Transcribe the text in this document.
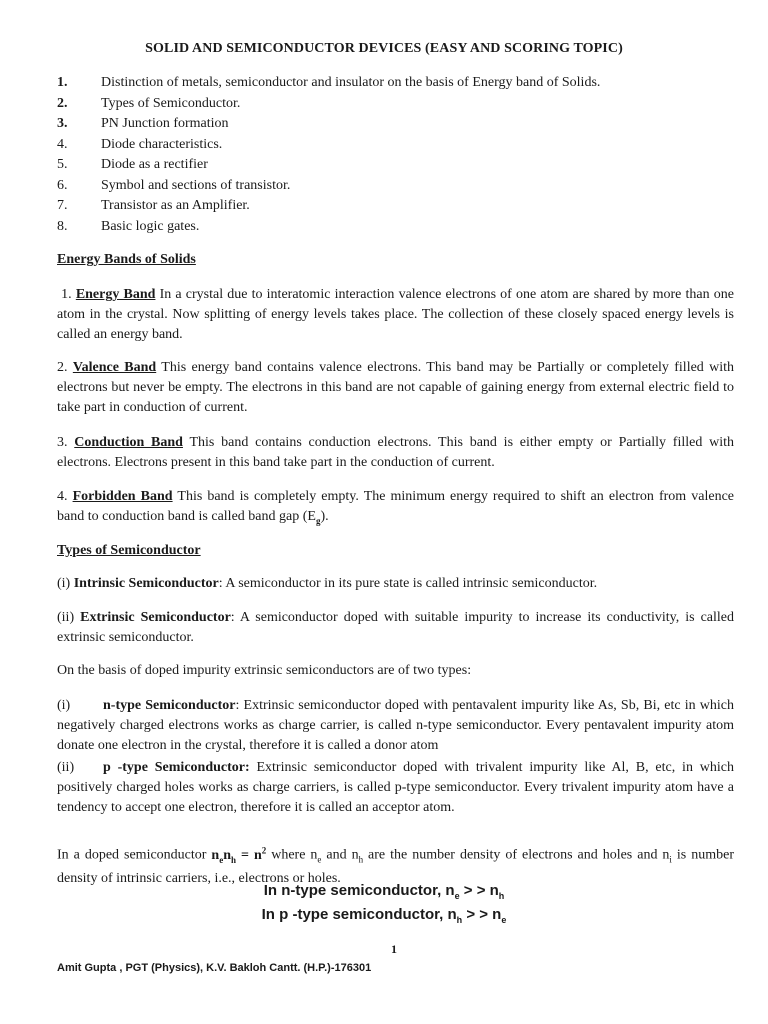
SOLID AND SEMICONDUCTOR DEVICES (EASY AND SCORING TOPIC)
1. Distinction of metals, semiconductor and insulator on the basis of Energy band of Solids.
2. Types of Semiconductor.
3. PN Junction formation
4. Diode characteristics.
5. Diode as a rectifier
6. Symbol and sections of transistor.
7. Transistor as an Amplifier.
8. Basic logic gates.
Energy Bands of Solids

1. Energy Band In a crystal due to interatomic interaction valence electrons of one atom are shared by more than one atom in the crystal. Now splitting of energy levels takes place. The collection of these closely spaced energy levels is called an energy band.

2. Valence Band This energy band contains valence electrons. This band may be Partially or completely filled with electrons but never be empty. The electrons in this band are not capable of gaining energy from external electric field to take part in conduction of current.

3. Conduction Band This band contains conduction electrons. This band is either empty or Partially filled with electrons. Electrons present in this band take part in the conduction of current.

4. Forbidden Band This band is completely empty. The minimum energy required to shift an electron from valence band to conduction band is called band gap $(E_g)$.

Types of Semiconductor

(i) Intrinsic Semiconductor: A semiconductor in its pure state is called intrinsic semiconductor.

(ii) Extrinsic Semiconductor: A semiconductor doped with suitable impurity to increase its conductivity, is called extrinsic semiconductor.

On the basis of doped impurity extrinsic semiconductors are of two types:

(i) n-type Semiconductor: Extrinsic semiconductor doped with pentavalent impurity like As, Sb, Bi, etc in which negatively charged electrons works as charge carrier, is called n-type semiconductor. Every pentavalent impurity atom donate one electron in the crystal, therefore it is called a donor atom
(ii) p -type Semiconductor: Extrinsic semiconductor doped with trivalent impurity like Al, B, etc, in which positively charged holes works as charge carriers, is called p-type semiconductor. Every trivalent impurity atom have a tendency to accept one electron, therefore it is called an acceptor atom.

In a doped semiconductor $n_en_h = n^2$ where $n_e$ and $n_h$ are the number density of electrons and holes and $n_i$ is number density of intrinsic carriers, i.e., electrons or holes.

In n-type semiconductor, $n_e$ > > $n_h$
In p -type semiconductor, $n_h$ > > $n_e$
1
Amit Gupta , PGT (Physics), K.V. Bakloh Cantt. (H.P.)-176301
